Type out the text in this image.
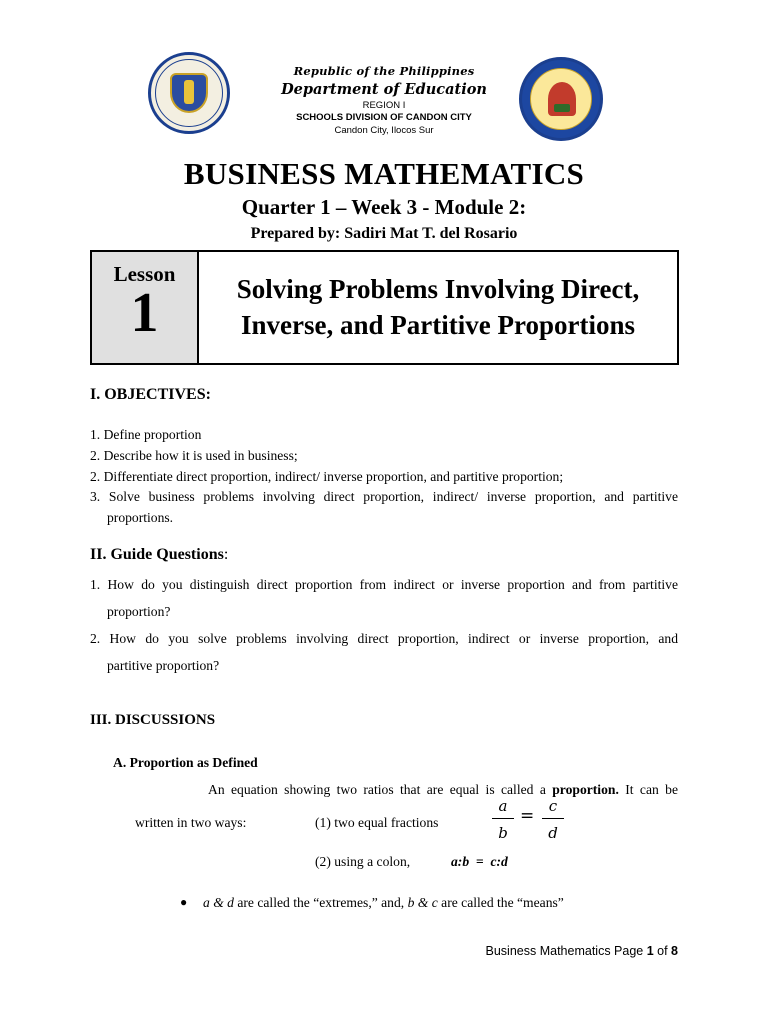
Republic of the Philippines
Department of Education
REGION I
SCHOOLS DIVISION OF CANDON CITY
Candon City, Ilocos Sur
BUSINESS MATHEMATICS
Quarter 1 – Week 3 - Module 2:
Prepared by: Sadiri Mat T. del Rosario
Lesson
1	Solving Problems Involving Direct,
Inverse, and Partitive Proportions
I. OBJECTIVES:
1. Define proportion
2. Describe how it is used in business;
2. Differentiate direct proportion, indirect/ inverse proportion, and partitive proportion;
3. Solve business problems involving direct proportion, indirect/ inverse proportion, and partitive
proportions.
II. Guide Questions:
1. How do you distinguish direct proportion from indirect or inverse proportion and from partitive
proportion?
2. How do you solve problems involving direct proportion, indirect or inverse proportion, and
partitive proportion?
III. DISCUSSIONS
A. Proportion as Defined
An equation showing two ratios that are equal is called a proportion. It can be
written in two ways:	(1) two equal fractions
a
b
= c
d
(2) using a colon,	a:b  =  c:d
● a & d are called the “extremes,” and, b & c are called the “means”
Business Mathematics Page 1 of 8
